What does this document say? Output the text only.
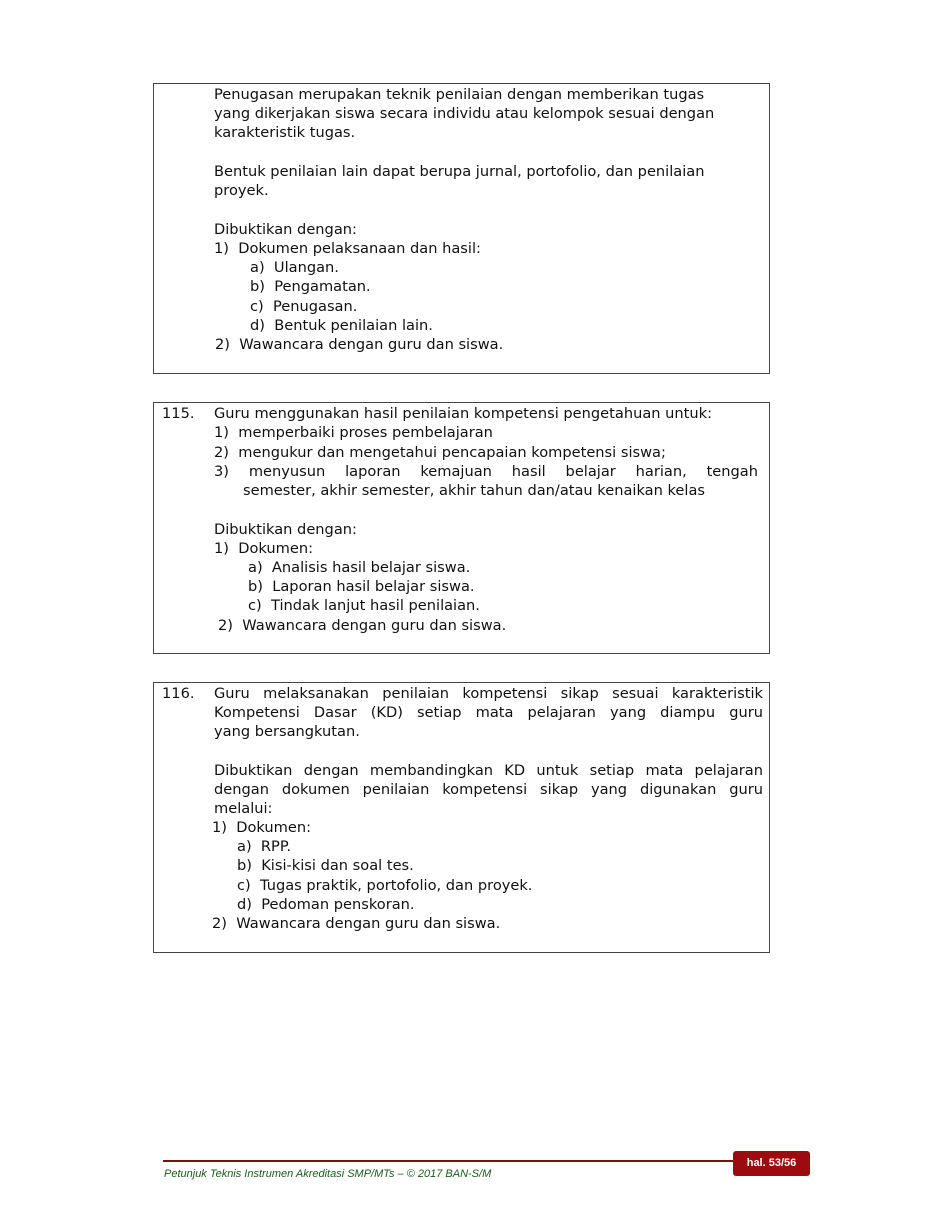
Penugasan merupakan teknik penilaian dengan memberikan tugas
yang dikerjakan siswa secara individu atau kelompok sesuai dengan
karakteristik tugas.
Bentuk penilaian lain dapat berupa jurnal, portofolio, dan penilaian
proyek.
Dibuktikan dengan:
1)  Dokumen pelaksanaan dan hasil:
a)  Ulangan.
b)  Pengamatan.
c)  Penugasan.
d)  Bentuk penilaian lain.
2)  Wawancara dengan guru dan siswa.
115. Guru menggunakan hasil penilaian kompetensi pengetahuan untuk:
1)  memperbaiki proses pembelajaran
2)  mengukur dan mengetahui pencapaian kompetensi siswa;
3) menyusun laporan kemajuan hasil belajar harian, tengah
semester, akhir semester, akhir tahun dan/atau kenaikan kelas
Dibuktikan dengan:
1)  Dokumen:
a)  Analisis hasil belajar siswa.
b)  Laporan hasil belajar siswa.
c)  Tindak lanjut hasil penilaian.
2)  Wawancara dengan guru dan siswa.
116. Guru melaksanakan penilaian kompetensi sikap sesuai karakteristik
Kompetensi Dasar (KD) setiap mata pelajaran yang diampu guru
yang bersangkutan.
Dibuktikan dengan membandingkan KD untuk setiap mata pelajaran
dengan dokumen penilaian kompetensi sikap yang digunakan guru
melalui:
1)  Dokumen:
a)  RPP.
b)  Kisi-kisi dan soal tes.
c)  Tugas praktik, portofolio, dan proyek.
d)  Pedoman penskoran.
2)  Wawancara dengan guru dan siswa.
hal. 53/56
Petunjuk Teknis Instrumen Akreditasi SMP/MTs – © 2017 BAN-S/M
